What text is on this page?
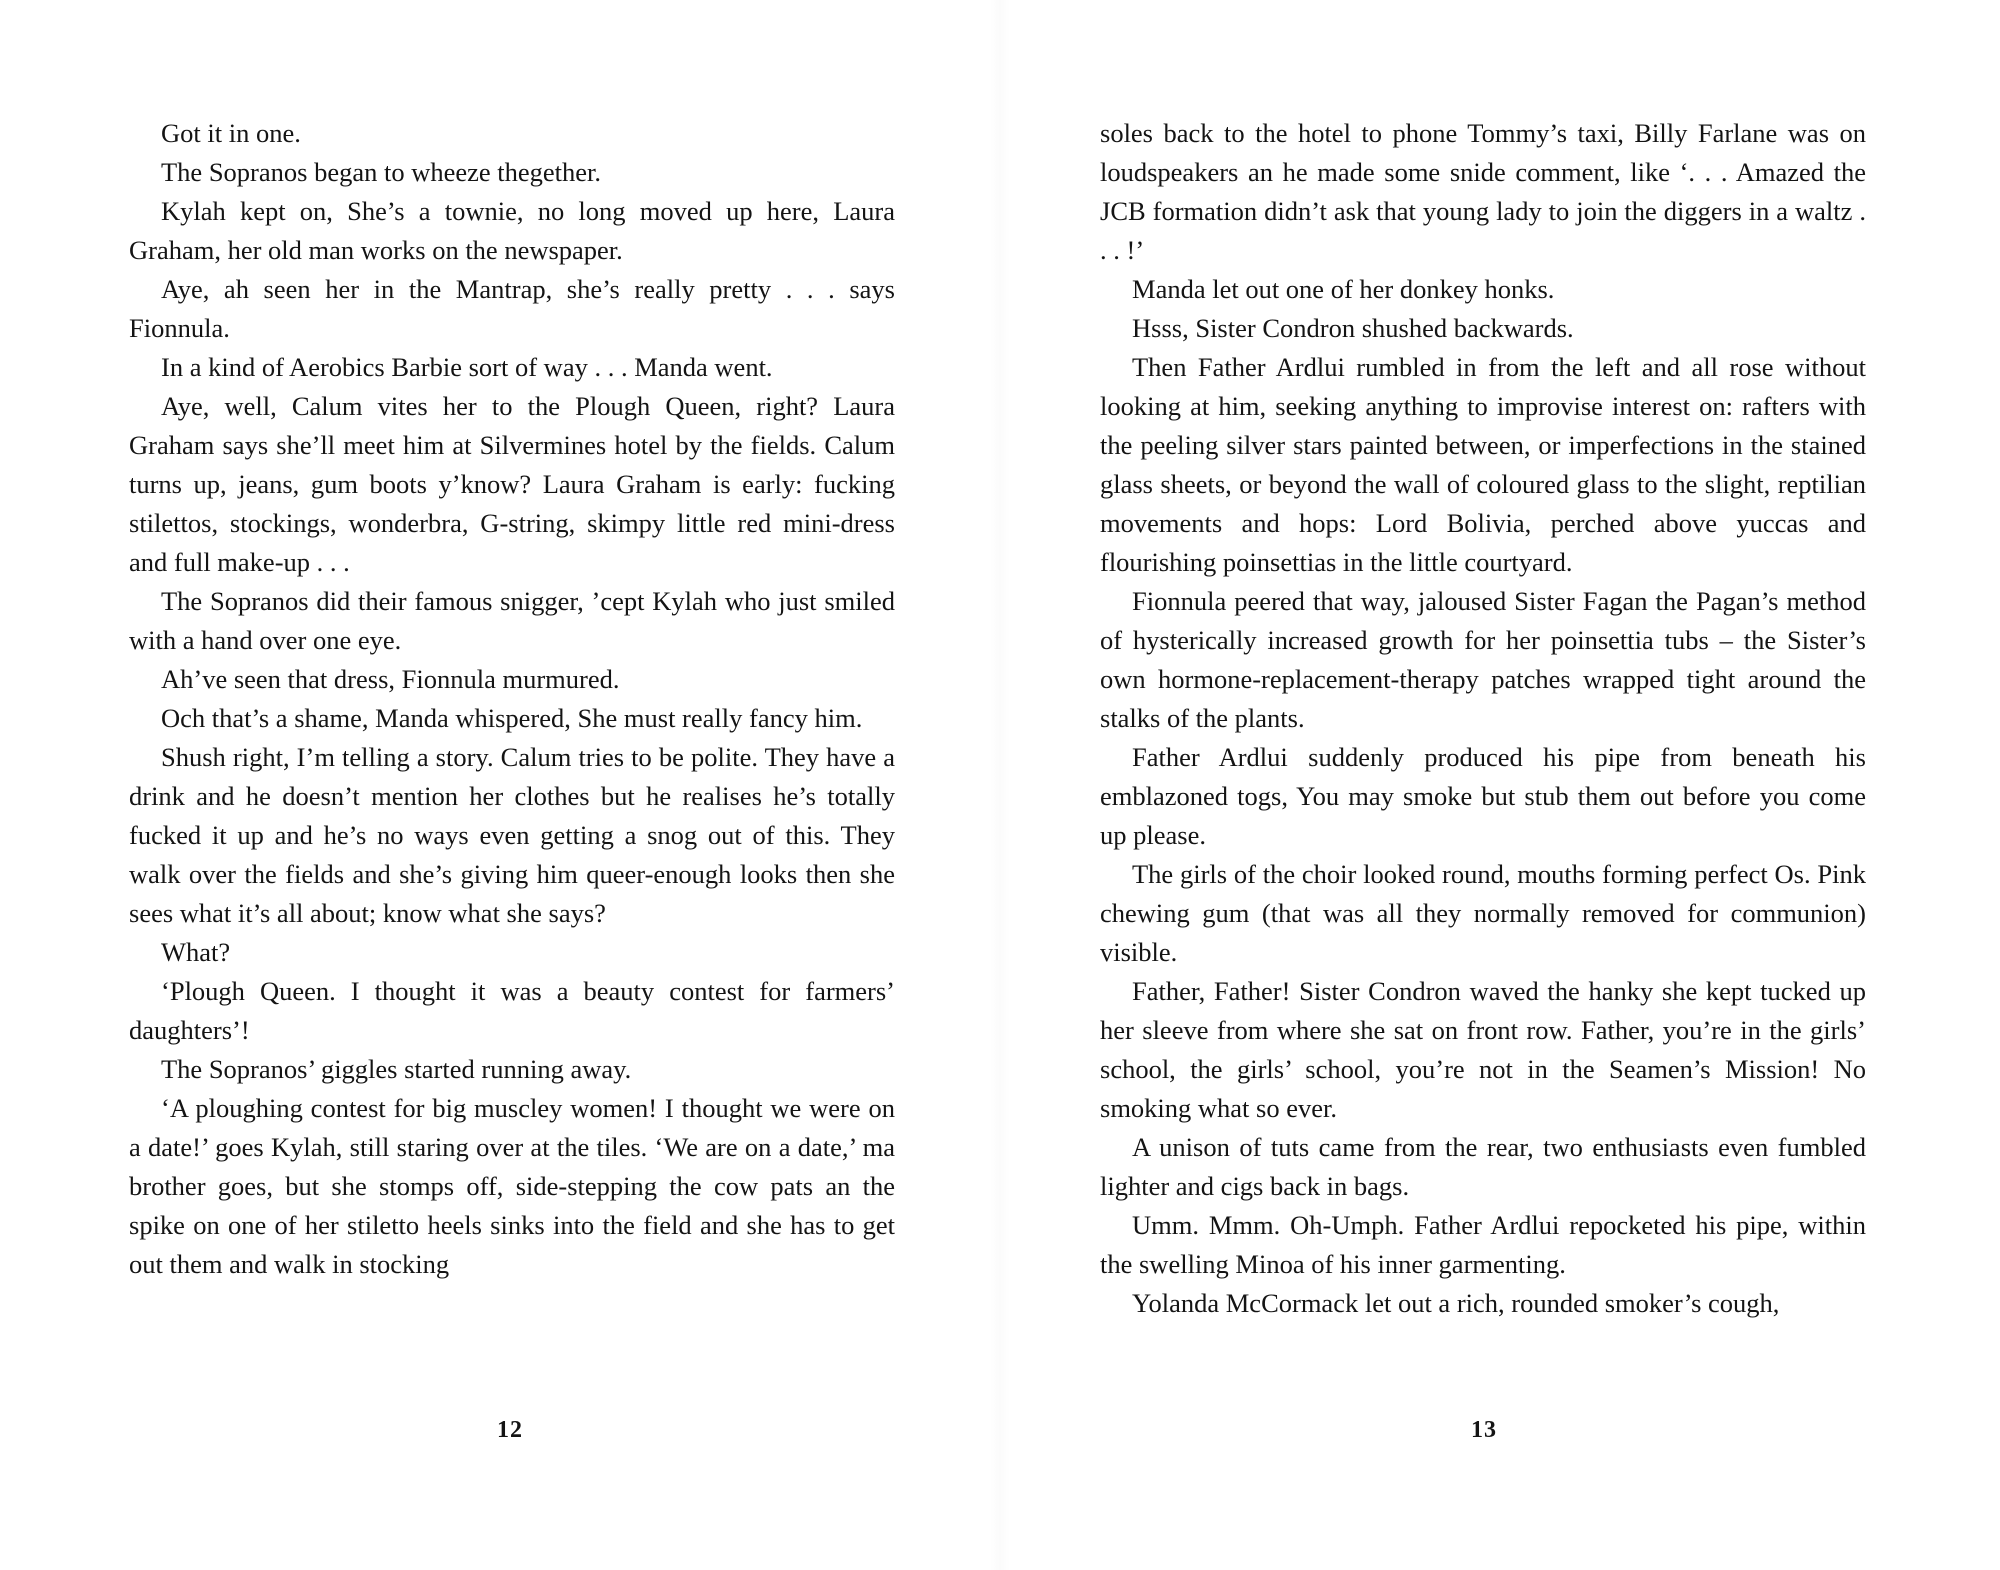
Got it in one.

The Sopranos began to wheeze thegether.

Kylah kept on, She’s a townie, no long moved up here, Laura Graham, her old man works on the newspaper.

Aye, ah seen her in the Mantrap, she’s really pretty . . . says Fionnula.

In a kind of Aerobics Barbie sort of way . . . Manda went.

Aye, well, Calum vites her to the Plough Queen, right? Laura Graham says she’ll meet him at Silvermines hotel by the fields. Calum turns up, jeans, gum boots y’know? Laura Graham is early: fucking stilettos, stockings, wonderbra, G-string, skimpy little red mini-dress and full make-up . . .

The Sopranos did their famous snigger, ’cept Kylah who just smiled with a hand over one eye.

Ah’ve seen that dress, Fionnula murmured.

Och that’s a shame, Manda whispered, She must really fancy him.

Shush right, I’m telling a story. Calum tries to be polite. They have a drink and he doesn’t mention her clothes but he realises he’s totally fucked it up and he’s no ways even getting a snog out of this. They walk over the fields and she’s giving him queer-enough looks then she sees what it’s all about; know what she says?

What?

‘Plough Queen. I thought it was a beauty contest for farmers’ daughters’!

The Sopranos’ giggles started running away.

‘A ploughing contest for big muscley women! I thought we were on a date!’ goes Kylah, still staring over at the tiles. ‘We are on a date,’ ma brother goes, but she stomps off, side-stepping the cow pats an the spike on one of her stiletto heels sinks into the field and she has to get out them and walk in stocking

12

soles back to the hotel to phone Tommy’s taxi, Billy Farlane was on loudspeakers an he made some snide comment, like ‘. . . Amazed the JCB formation didn’t ask that young lady to join the diggers in a waltz . . . !’

Manda let out one of her donkey honks.

Hsss, Sister Condron shushed backwards.

Then Father Ardlui rumbled in from the left and all rose without looking at him, seeking anything to improvise interest on: rafters with the peeling silver stars painted between, or imperfections in the stained glass sheets, or beyond the wall of coloured glass to the slight, reptilian movements and hops: Lord Bolivia, perched above yuccas and flourishing poinsettias in the little courtyard.

Fionnula peered that way, jaloused Sister Fagan the Pagan’s method of hysterically increased growth for her poinsettia tubs – the Sister’s own hormone-replacement-therapy patches wrapped tight around the stalks of the plants.

Father Ardlui suddenly produced his pipe from beneath his emblazoned togs, You may smoke but stub them out before you come up please.

The girls of the choir looked round, mouths forming perfect Os. Pink chewing gum (that was all they normally removed for communion) visible.

Father, Father! Sister Condron waved the hanky she kept tucked up her sleeve from where she sat on front row. Father, you’re in the girls’ school, the girls’ school, you’re not in the Seamen’s Mission! No smoking what so ever.

A unison of tuts came from the rear, two enthusiasts even fumbled lighter and cigs back in bags.

Umm. Mmm. Oh-Umph. Father Ardlui repocketed his pipe, within the swelling Minoa of his inner garmenting.

Yolanda McCormack let out a rich, rounded smoker’s cough,

13
